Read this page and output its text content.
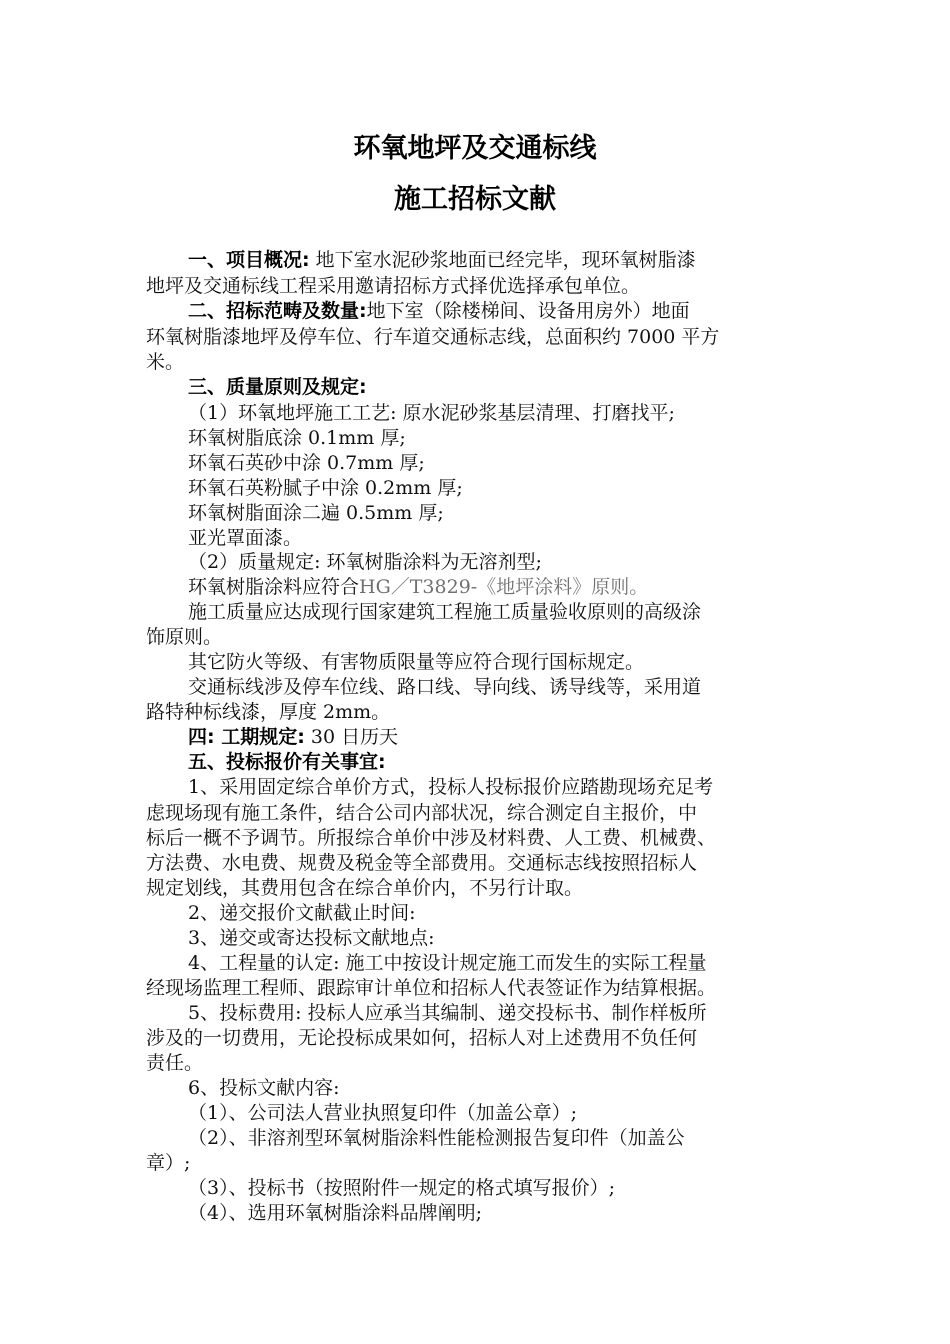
环氧地坪及交通标线
施工招标文献
一、项目概况: 地下室水泥砂浆地面已经完毕，现环氧树脂漆
地坪及交通标线工程采用邀请招标方式择优选择承包单位。
二、招标范畴及数量:地下室（除楼梯间、设备用房外）地面
环氧树脂漆地坪及停车位、行车道交通标志线，总面积约 7000 平方
米。
三、质量原则及规定:
（1）环氧地坪施工工艺: 原水泥砂浆基层清理、打磨找平;
环氧树脂底涂 0.1mm 厚;
环氧石英砂中涂 0.7mm 厚;
环氧石英粉腻子中涂 0.2mm 厚;
环氧树脂面涂二遍 0.5mm 厚;
亚光罩面漆。
（2）质量规定: 环氧树脂涂料为无溶剂型;
环氧树脂涂料应符合HG／T3829-《地坪涂料》原则。
施工质量应达成现行国家建筑工程施工质量验收原则的高级涂
饰原则。
其它防火等级、有害物质限量等应符合现行国标规定。
交通标线涉及停车位线、路口线、导向线、诱导线等，采用道
路特种标线漆，厚度 2mm。
四: 工期规定: 30 日历天
五、投标报价有关事宜:
1、采用固定综合单价方式，投标人投标报价应踏勘现场充足考
虑现场现有施工条件，结合公司内部状况，综合测定自主报价，中
标后一概不予调节。所报综合单价中涉及材料费、人工费、机械费、
方法费、水电费、规费及税金等全部费用。交通标志线按照招标人
规定划线，其费用包含在综合单价内，不另行计取。
2、递交报价文献截止时间:
3、递交或寄达投标文献地点:
4、工程量的认定: 施工中按设计规定施工而发生的实际工程量
经现场监理工程师、跟踪审计单位和招标人代表签证作为结算根据。
5、投标费用: 投标人应承当其编制、递交投标书、制作样板所
涉及的一切费用，无论投标成果如何，招标人对上述费用不负任何
责任。
6、投标文献内容:
（1）、公司法人营业执照复印件（加盖公章）;
（2）、非溶剂型环氧树脂涂料性能检测报告复印件（加盖公
章）;
（3）、投标书（按照附件一规定的格式填写报价）;
（4）、选用环氧树脂涂料品牌阐明;
